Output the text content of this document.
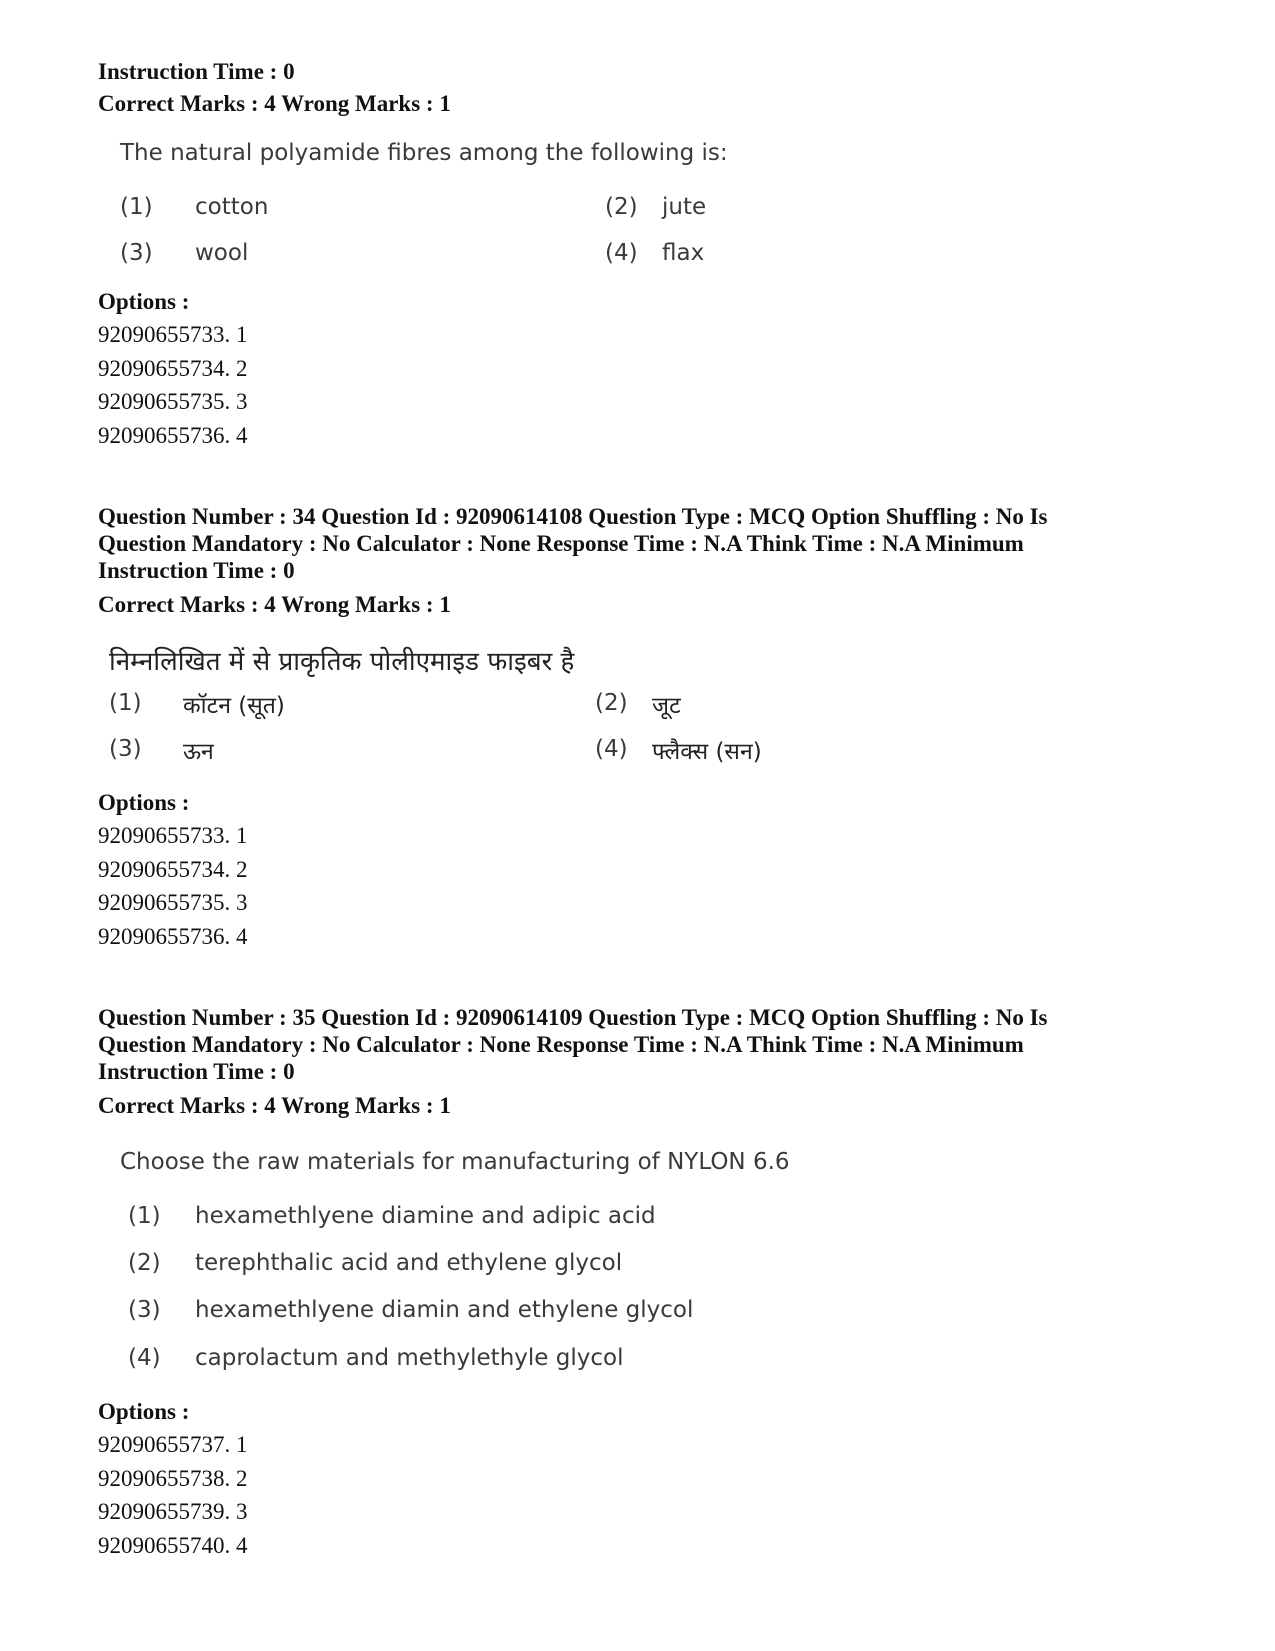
Instruction Time : 0
Correct Marks : 4 Wrong Marks : 1
The natural polyamide fibres among the following is:
(1) cotton	(2) jute
(3) wool	(4) flax
Options :
92090655733. 1
92090655734. 2
92090655735. 3
92090655736. 4
Question Number : 34 Question Id : 92090614108 Question Type : MCQ Option Shuffling : No Is
Question Mandatory : No Calculator : None Response Time : N.A Think Time : N.A Minimum
Instruction Time : 0
Correct Marks : 4 Wrong Marks : 1
निम्नलिखित में से प्राकृतिक पोलीएमाइड फाइबर है
(1) कॉटन (सूत)	(2) जूट
(3) ऊन	(4) फ्लैक्स (सन)
Options :
92090655733. 1
92090655734. 2
92090655735. 3
92090655736. 4
Question Number : 35 Question Id : 92090614109 Question Type : MCQ Option Shuffling : No Is
Question Mandatory : No Calculator : None Response Time : N.A Think Time : N.A Minimum
Instruction Time : 0
Correct Marks : 4 Wrong Marks : 1
Choose the raw materials for manufacturing of NYLON 6.6
(1) hexamethlyene diamine and adipic acid
(2) terephthalic acid and ethylene glycol
(3) hexamethlyene diamin and ethylene glycol
(4) caprolactum and methylethyle glycol
Options :
92090655737. 1
92090655738. 2
92090655739. 3
92090655740. 4
